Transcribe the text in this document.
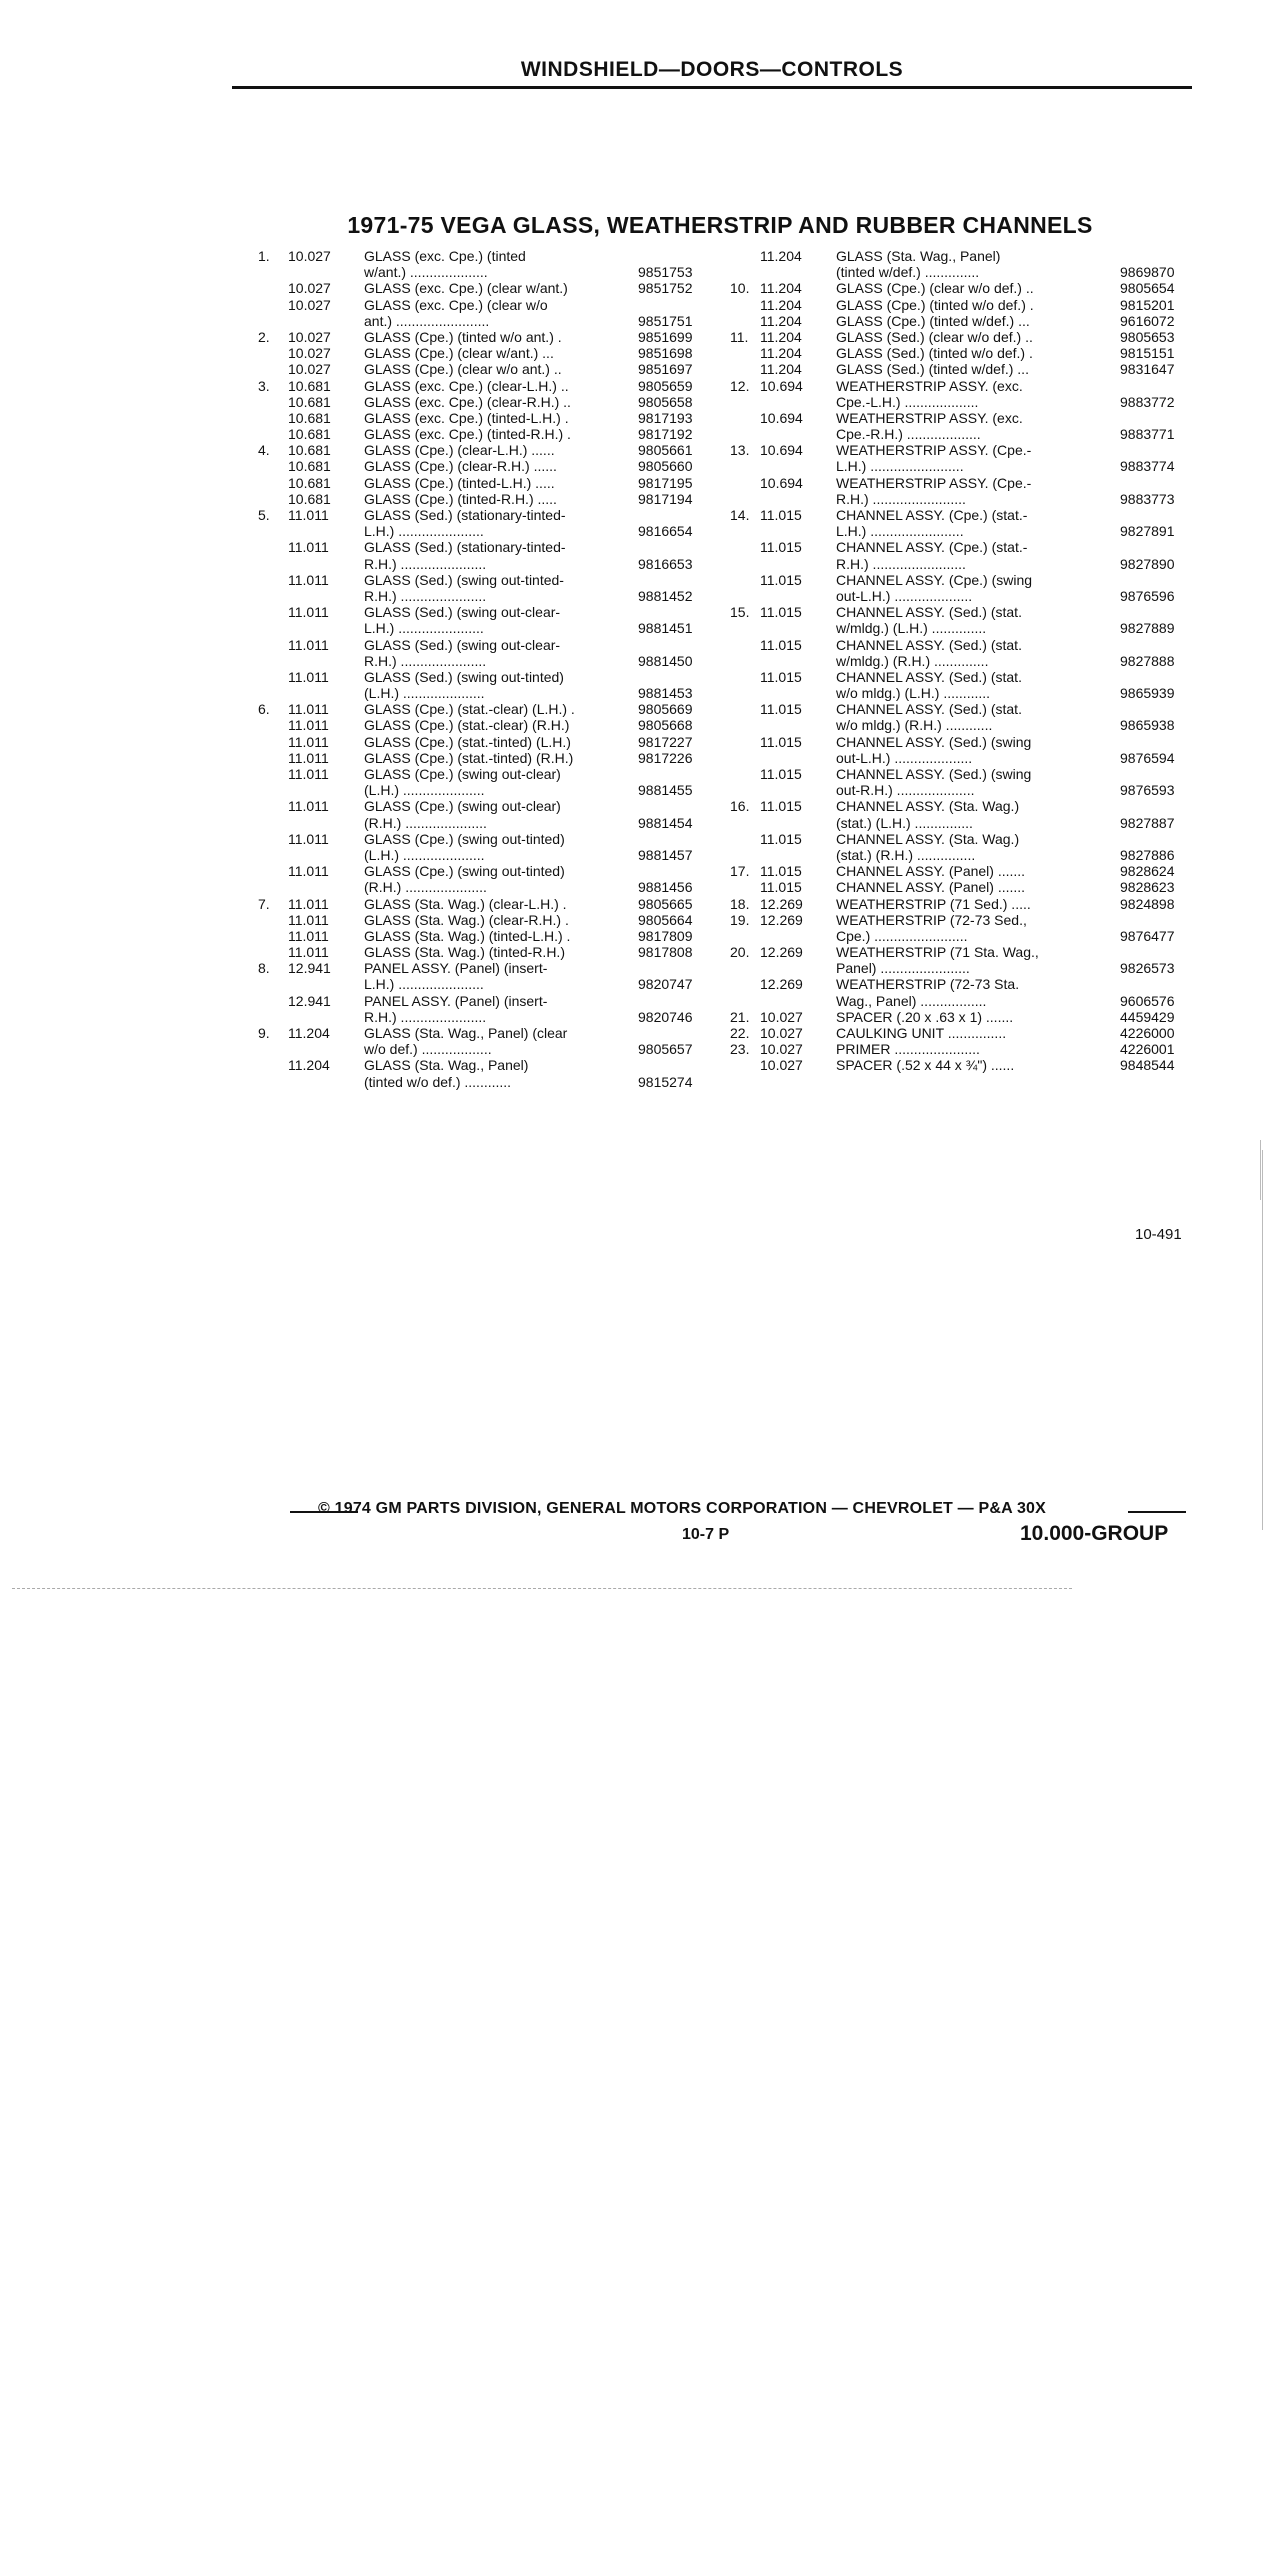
WINDSHIELD—DOORS—CONTROLS
1971-75 VEGA GLASS, WEATHERSTRIP AND RUBBER CHANNELS
1.	10.027 GLASS (exc. Cpe.) (tinted
w/ant.) ....................	9851753
10.027 GLASS (exc. Cpe.) (clear w/ant.)	9851752
10.027 GLASS (exc. Cpe.) (clear w/o
ant.) ........................	9851751
2.	10.027 GLASS (Cpe.) (tinted w/o ant.) .	9851699
10.027 GLASS (Cpe.) (clear w/ant.) ...	9851698
10.027 GLASS (Cpe.) (clear w/o ant.) ..	9851697
3.	10.681 GLASS (exc. Cpe.) (clear-L.H.) ..	9805659
10.681 GLASS (exc. Cpe.) (clear-R.H.) ..	9805658
10.681 GLASS (exc. Cpe.) (tinted-L.H.) .	9817193
10.681 GLASS (exc. Cpe.) (tinted-R.H.) .	9817192
4.	10.681 GLASS (Cpe.) (clear-L.H.) ......	9805661
10.681 GLASS (Cpe.) (clear-R.H.) ......	9805660
10.681 GLASS (Cpe.) (tinted-L.H.) .....	9817195
10.681 GLASS (Cpe.) (tinted-R.H.) .....	9817194
5.	11.011	GLASS (Sed.) (stationary-tinted-
L.H.) ......................	9816654
11.011	GLASS (Sed.) (stationary-tinted-
R.H.) ......................	9816653
11.011	GLASS (Sed.) (swing out-tinted-
R.H.) ......................	9881452
11.011	GLASS (Sed.) (swing out-clear-
L.H.) ......................	9881451
11.011	GLASS (Sed.) (swing out-clear-
R.H.) ......................	9881450
11.011	GLASS (Sed.) (swing out-tinted)
(L.H.) .....................	9881453
6.	11.011	GLASS (Cpe.) (stat.-clear) (L.H.) .	9805669
11.011	GLASS (Cpe.) (stat.-clear) (R.H.)	9805668
11.011	GLASS (Cpe.) (stat.-tinted) (L.H.)	9817227
11.011	GLASS (Cpe.) (stat.-tinted) (R.H.)	9817226
11.011	GLASS (Cpe.) (swing out-clear)
(L.H.) .....................	9881455
11.011	GLASS (Cpe.) (swing out-clear)
(R.H.) .....................	9881454
11.011	GLASS (Cpe.) (swing out-tinted)
(L.H.) .....................	9881457
11.011	GLASS (Cpe.) (swing out-tinted)
(R.H.) .....................	9881456
7.	11.011	GLASS (Sta. Wag.) (clear-L.H.) .	9805665
11.011	GLASS (Sta. Wag.) (clear-R.H.) .	9805664
11.011	GLASS (Sta. Wag.) (tinted-L.H.) .	9817809
11.011	GLASS (Sta. Wag.) (tinted-R.H.)	9817808
8.	12.941 PANEL ASSY. (Panel) (insert-
L.H.) ......................	9820747
12.941 PANEL ASSY. (Panel) (insert-
R.H.) ......................	9820746
9.	11.204 GLASS (Sta. Wag., Panel) (clear
w/o def.) ..................	9805657
11.204 GLASS (Sta. Wag., Panel)
(tinted w/o def.) ............	9815274
11.204 GLASS (Sta. Wag., Panel)
(tinted w/def.) ..............	9869870
10. 11.204 GLASS (Cpe.) (clear w/o def.) ..	9805654
11.204 GLASS (Cpe.) (tinted w/o def.) .	9815201
11.204 GLASS (Cpe.) (tinted w/def.) ...	9616072
11. 11.204 GLASS (Sed.) (clear w/o def.) ..	9805653
11.204 GLASS (Sed.) (tinted w/o def.) .	9815151
11.204 GLASS (Sed.) (tinted w/def.) ...	9831647
12. 10.694 WEATHERSTRIP ASSY. (exc.
Cpe.-L.H.) ...................	9883772
10.694 WEATHERSTRIP ASSY. (exc.
Cpe.-R.H.) ...................	9883771
13. 10.694 WEATHERSTRIP ASSY. (Cpe.-
L.H.) ........................	9883774
10.694 WEATHERSTRIP ASSY. (Cpe.-
R.H.) ........................	9883773
14. 11.015 CHANNEL ASSY. (Cpe.) (stat.-
L.H.) ........................	9827891
11.015 CHANNEL ASSY. (Cpe.) (stat.-
R.H.) ........................	9827890
11.015 CHANNEL ASSY. (Cpe.) (swing
out-L.H.) ....................	9876596
15. 11.015 CHANNEL ASSY. (Sed.) (stat.
w/mldg.) (L.H.) ..............	9827889
11.015 CHANNEL ASSY. (Sed.) (stat.
w/mldg.) (R.H.) ..............	9827888
11.015 CHANNEL ASSY. (Sed.) (stat.
w/o mldg.) (L.H.) ............	9865939
11.015 CHANNEL ASSY. (Sed.) (stat.
w/o mldg.) (R.H.) ............	9865938
11.015 CHANNEL ASSY. (Sed.) (swing
out-L.H.) ....................	9876594
11.015 CHANNEL ASSY. (Sed.) (swing
out-R.H.) ....................	9876593
16. 11.015 CHANNEL ASSY. (Sta. Wag.)
(stat.) (L.H.) ...............	9827887
11.015 CHANNEL ASSY. (Sta. Wag.)
(stat.) (R.H.) ...............	9827886
17. 11.015 CHANNEL ASSY. (Panel) .......	9828624
11.015 CHANNEL ASSY. (Panel) .......	9828623
18. 12.269 WEATHERSTRIP (71 Sed.) .....	9824898
19. 12.269 WEATHERSTRIP (72-73 Sed.,
Cpe.) ........................	9876477
20. 12.269 WEATHERSTRIP (71 Sta. Wag.,
Panel) .......................	9826573
12.269 WEATHERSTRIP (72-73 Sta.
Wag., Panel) .................	9606576
21. 10.027 SPACER (.20 x .63 x 1) .......	4459429
22. 10.027 CAULKING UNIT ...............	4226000
23. 10.027 PRIMER ......................	4226001
10.027 SPACER (.52 x 44 x ¾") ......	9848544
10-491
© 1974 GM PARTS DIVISION, GENERAL MOTORS CORPORATION — CHEVROLET — P&A 30X
10-7 P	10.000-GROUP
